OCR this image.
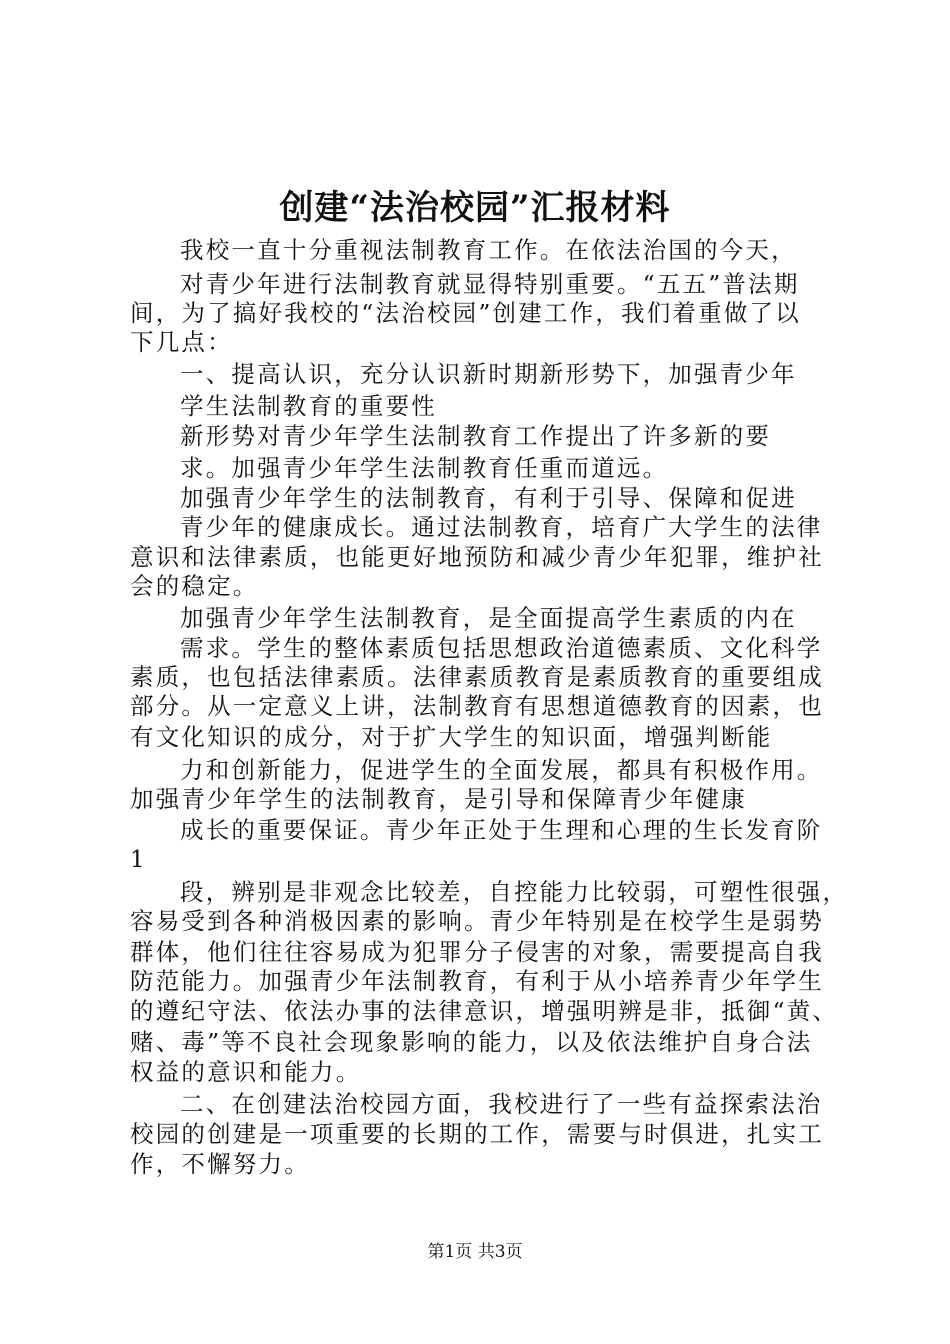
创建“法治校园”汇报材料
我校一直十分重视法制教育工作。在依法治国的今天，
对青少年进行法制教育就显得特别重要。“五五”普法期
间，为了搞好我校的“法治校园”创建工作，我们着重做了以
下几点：
一、提高认识，充分认识新时期新形势下，加强青少年
学生法制教育的重要性
新形势对青少年学生法制教育工作提出了许多新的要
求。加强青少年学生法制教育任重而道远。
加强青少年学生的法制教育，有利于引导、保障和促进
青少年的健康成长。通过法制教育，培育广大学生的法律
意识和法律素质，也能更好地预防和减少青少年犯罪，维护社
会的稳定。
加强青少年学生法制教育，是全面提高学生素质的内在
需求。学生的整体素质包括思想政治道德素质、文化科学
素质，也包括法律素质。法律素质教育是素质教育的重要组成
部分。从一定意义上讲，法制教育有思想道德教育的因素，也
有文化知识的成分，对于扩大学生的知识面，增强判断能
力和创新能力，促进学生的全面发展，都具有积极作用。
加强青少年学生的法制教育，是引导和保障青少年健康
成长的重要保证。青少年正处于生理和心理的生长发育阶
1
段，辨别是非观念比较差，自控能力比较弱，可塑性很强，
容易受到各种消极因素的影响。青少年特别是在校学生是弱势
群体，他们往往容易成为犯罪分子侵害的对象，需要提高自我
防范能力。加强青少年法制教育，有利于从小培养青少年学生
的遵纪守法、依法办事的法律意识，增强明辨是非，抵御“黄、
赌、毒”等不良社会现象影响的能力，以及依法维护自身合法
权益的意识和能力。
二、在创建法治校园方面，我校进行了一些有益探索法治
校园的创建是一项重要的长期的工作，需要与时俱进，扎实工
作，不懈努力。
第1页 共3页
